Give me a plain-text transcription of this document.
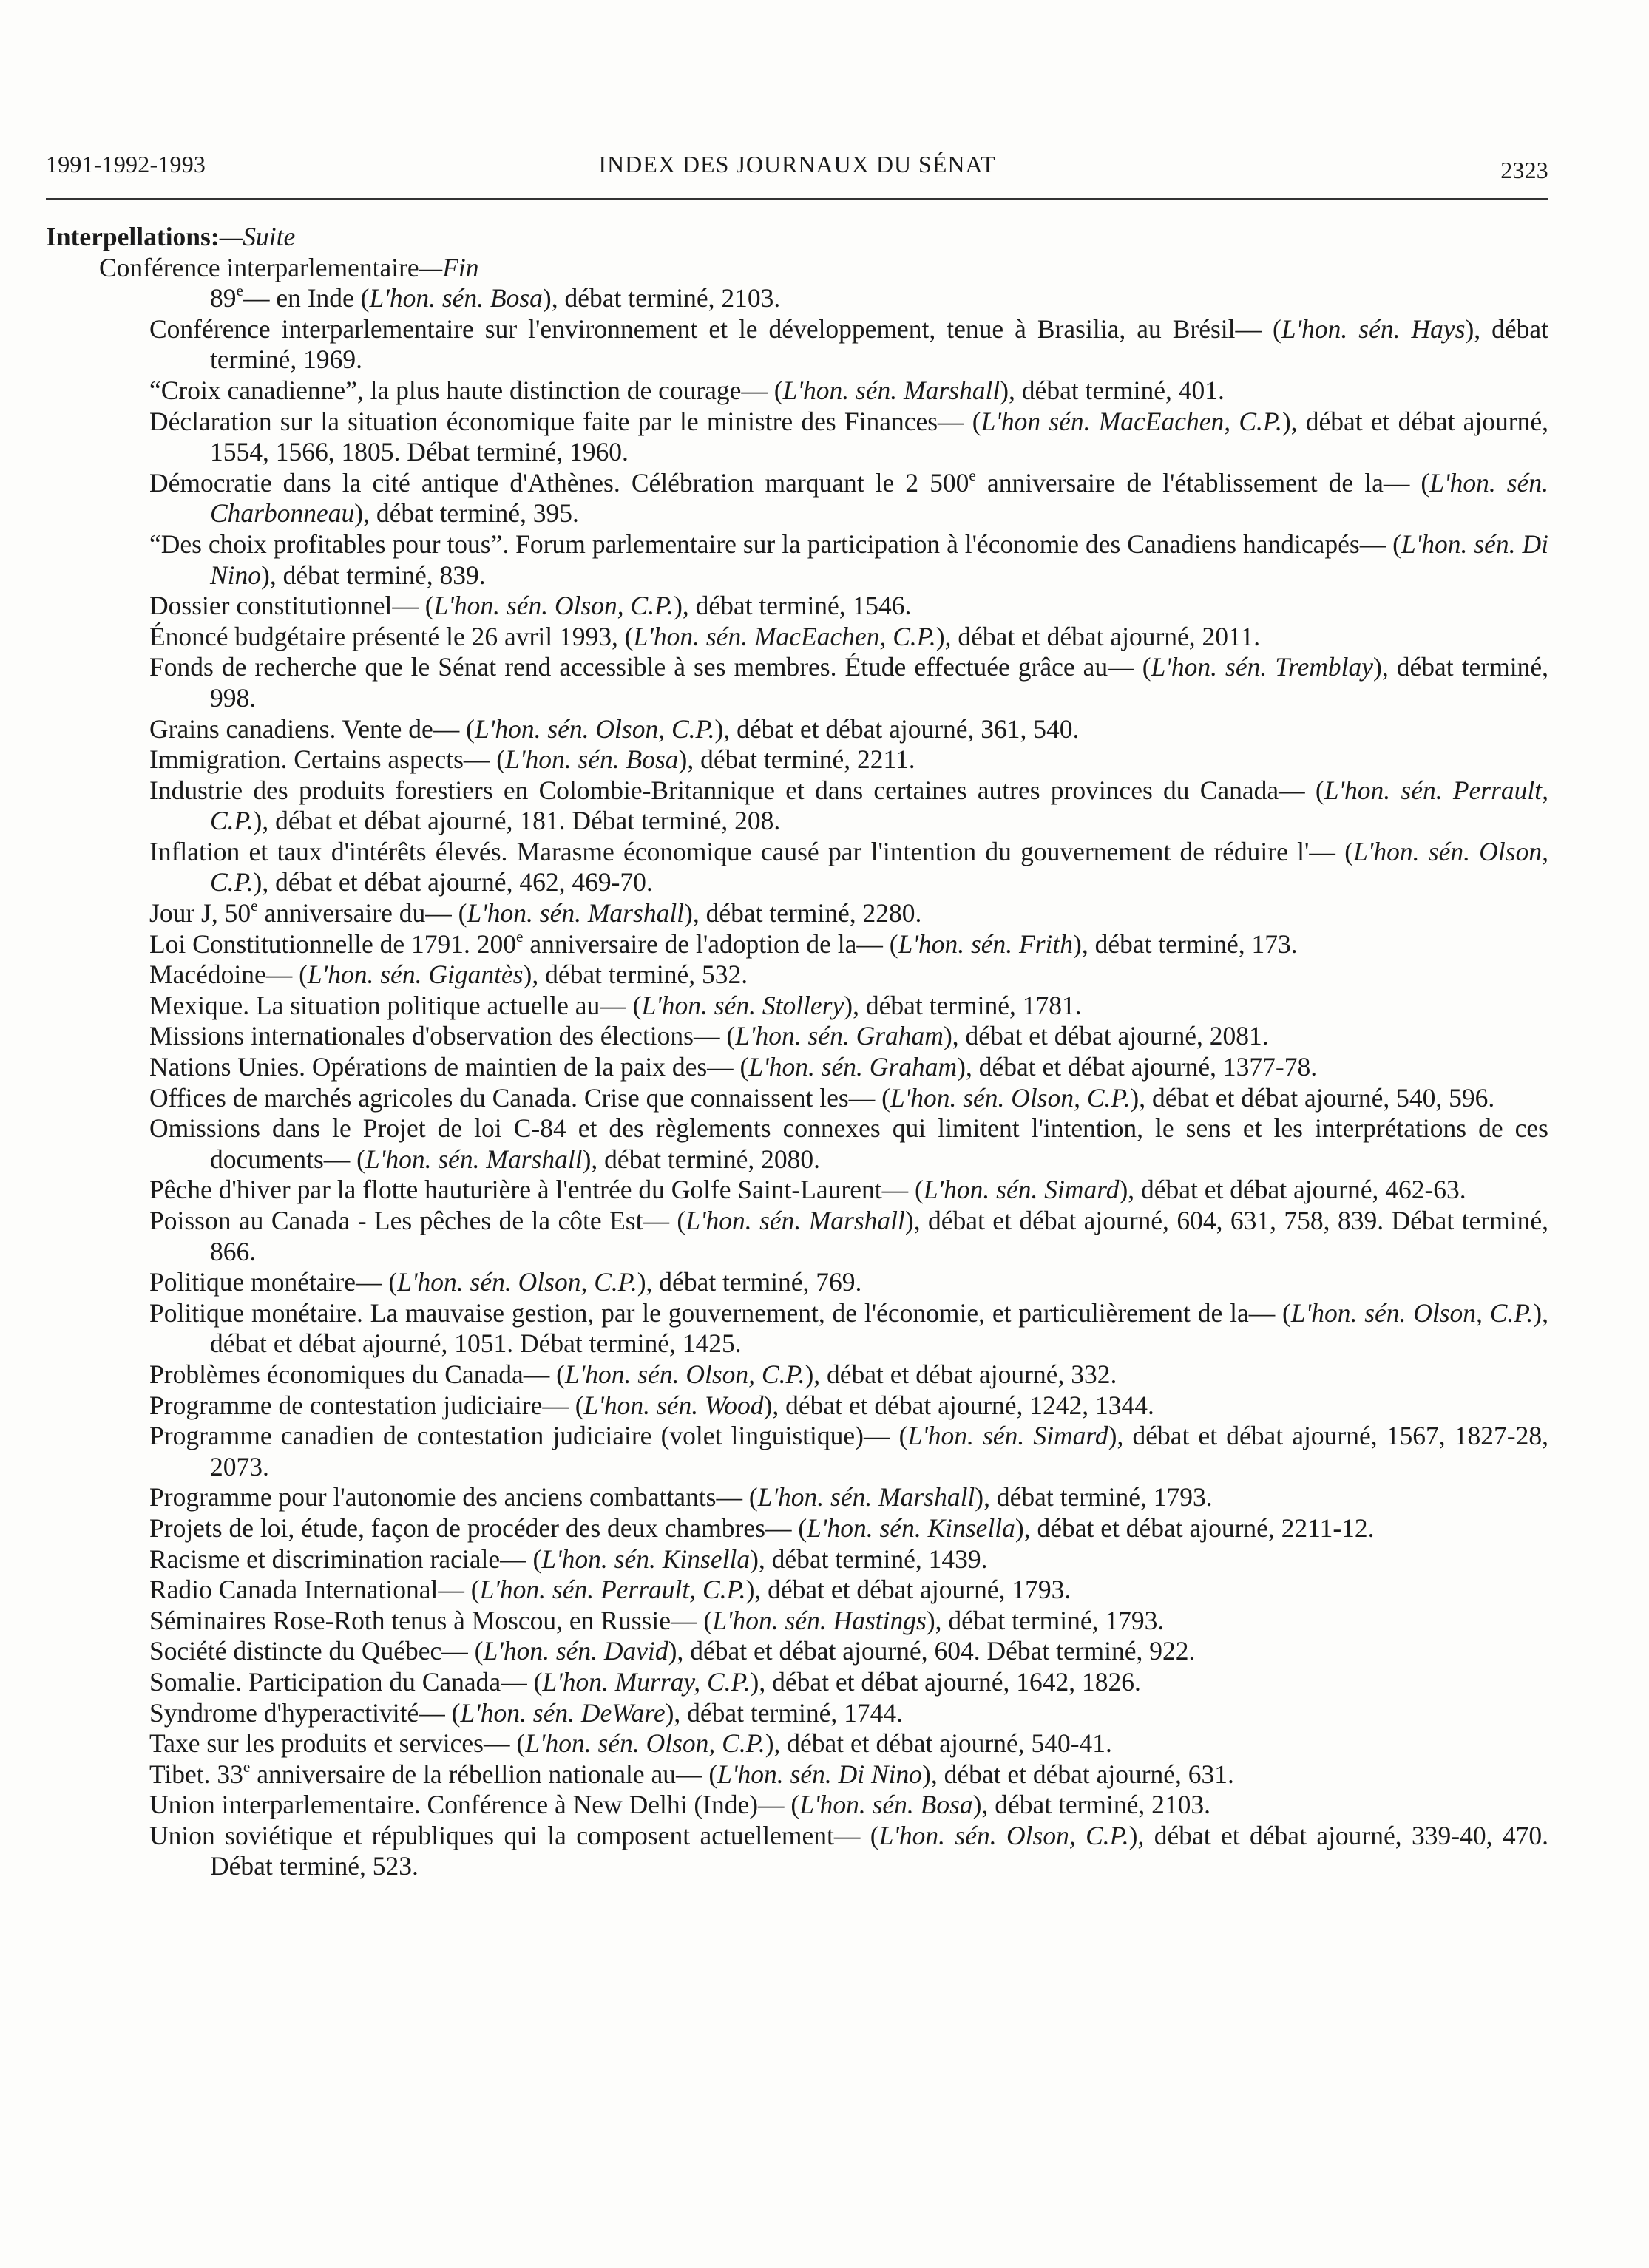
1991-1992-1993	INDEX DES JOURNAUX DU SÉNAT	2323
Interpellations:—Suite
Conférence interparlementaire—Fin
89e— en Inde (L'hon. sén. Bosa), débat terminé, 2103.
Conférence interparlementaire sur l'environnement et le développement, tenue à Brasilia, au Brésil— (L'hon. sén. Hays), débat terminé, 1969.
“Croix canadienne”, la plus haute distinction de courage— (L'hon. sén. Marshall), débat terminé, 401.
Déclaration sur la situation économique faite par le ministre des Finances— (L'hon sén. MacEachen, C.P.), débat et débat ajourné, 1554, 1566, 1805. Débat terminé, 1960.
Démocratie dans la cité antique d'Athènes. Célébration marquant le 2 500e anniversaire de l'établissement de la— (L'hon. sén. Charbonneau), débat terminé, 395.
“Des choix profitables pour tous”. Forum parlementaire sur la participation à l'économie des Canadiens handicapés— (L'hon. sén. Di Nino), débat terminé, 839.
Dossier constitutionnel— (L'hon. sén. Olson, C.P.), débat terminé, 1546.
Énoncé budgétaire présenté le 26 avril 1993, (L'hon. sén. MacEachen, C.P.), débat et débat ajourné, 2011.
Fonds de recherche que le Sénat rend accessible à ses membres. Étude effectuée grâce au— (L'hon. sén. Tremblay), débat terminé, 998.
Grains canadiens. Vente de— (L'hon. sén. Olson, C.P.), débat et débat ajourné, 361, 540.
Immigration. Certains aspects— (L'hon. sén. Bosa), débat terminé, 2211.
Industrie des produits forestiers en Colombie-Britannique et dans certaines autres provinces du Canada— (L'hon. sén. Perrault, C.P.), débat et débat ajourné, 181. Débat terminé, 208.
Inflation et taux d'intérêts élevés. Marasme économique causé par l'intention du gouvernement de réduire l'— (L'hon. sén. Olson, C.P.), débat et débat ajourné, 462, 469-70.
Jour J, 50e anniversaire du— (L'hon. sén. Marshall), débat terminé, 2280.
Loi Constitutionnelle de 1791. 200e anniversaire de l'adoption de la— (L'hon. sén. Frith), débat terminé, 173.
Macédoine— (L'hon. sén. Gigantès), débat terminé, 532.
Mexique. La situation politique actuelle au— (L'hon. sén. Stollery), débat terminé, 1781.
Missions internationales d'observation des élections— (L'hon. sén. Graham), débat et débat ajourné, 2081.
Nations Unies. Opérations de maintien de la paix des— (L'hon. sén. Graham), débat et débat ajourné, 1377-78.
Offices de marchés agricoles du Canada. Crise que connaissent les— (L'hon. sén. Olson, C.P.), débat et débat ajourné, 540, 596.
Omissions dans le Projet de loi C-84 et des règlements connexes qui limitent l'intention, le sens et les interprétations de ces documents— (L'hon. sén. Marshall), débat terminé, 2080.
Pêche d'hiver par la flotte hauturière à l'entrée du Golfe Saint-Laurent— (L'hon. sén. Simard), débat et débat ajourné, 462-63.
Poisson au Canada - Les pêches de la côte Est— (L'hon. sén. Marshall), débat et débat ajourné, 604, 631, 758, 839. Débat terminé, 866.
Politique monétaire— (L'hon. sén. Olson, C.P.), débat terminé, 769.
Politique monétaire. La mauvaise gestion, par le gouvernement, de l'économie, et particulièrement de la— (L'hon. sén. Olson, C.P.), débat et débat ajourné, 1051. Débat terminé, 1425.
Problèmes économiques du Canada— (L'hon. sén. Olson, C.P.), débat et débat ajourné, 332.
Programme de contestation judiciaire— (L'hon. sén. Wood), débat et débat ajourné, 1242, 1344.
Programme canadien de contestation judiciaire (volet linguistique)— (L'hon. sén. Simard), débat et débat ajourné, 1567, 1827-28, 2073.
Programme pour l'autonomie des anciens combattants— (L'hon. sén. Marshall), débat terminé, 1793.
Projets de loi, étude, façon de procéder des deux chambres— (L'hon. sén. Kinsella), débat et débat ajourné, 2211-12.
Racisme et discrimination raciale— (L'hon. sén. Kinsella), débat terminé, 1439.
Radio Canada International— (L'hon. sén. Perrault, C.P.), débat et débat ajourné, 1793.
Séminaires Rose-Roth tenus à Moscou, en Russie— (L'hon. sén. Hastings), débat terminé, 1793.
Société distincte du Québec— (L'hon. sén. David), débat et débat ajourné, 604. Débat terminé, 922.
Somalie. Participation du Canada— (L'hon. Murray, C.P.), débat et débat ajourné, 1642, 1826.
Syndrome d'hyperactivité— (L'hon. sén. DeWare), débat terminé, 1744.
Taxe sur les produits et services— (L'hon. sén. Olson, C.P.), débat et débat ajourné, 540-41.
Tibet. 33e anniversaire de la rébellion nationale au— (L'hon. sén. Di Nino), débat et débat ajourné, 631.
Union interparlementaire. Conférence à New Delhi (Inde)— (L'hon. sén. Bosa), débat terminé, 2103.
Union soviétique et républiques qui la composent actuellement— (L'hon. sén. Olson, C.P.), débat et débat ajourné, 339-40, 470. Débat terminé, 523.
